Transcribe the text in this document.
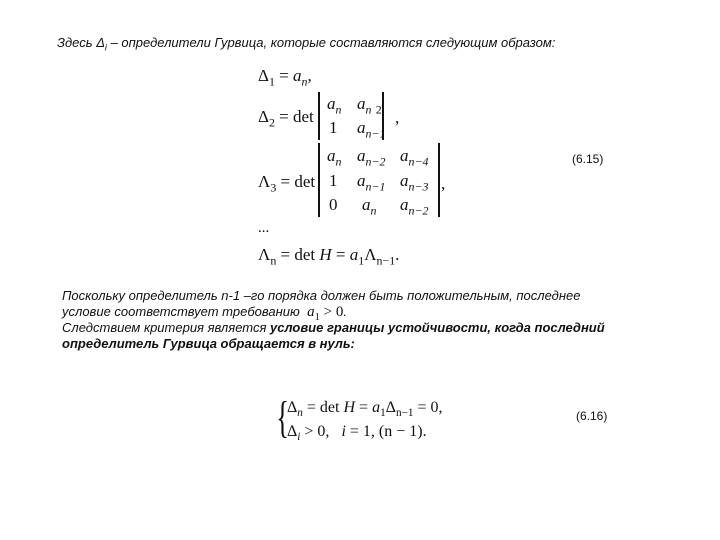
Здесь $\Delta_i$ – определители Гурвица, которые составляются следующим образом:
$\Delta_1 = a_n$,
$\Delta_2 = \det$
$a_n$ $a_n$ $_2$
1 $a_{n-1}$
,
$\Lambda_3 = \det$
$a_n$ $a_{n-2}$ $a_{n-4}$
1 $a_{n-1}$ $a_{n-3}$
0 $a_n$ $a_{n-2}$
,
(6.15)
...
$\Lambda_n = \det H = a_1\Lambda_{n-1}$.
Поскольку определитель n-1 –го порядка должен быть положительным, последнее
условие соответствует требованию $a_1 > 0$.
Следствием критерия является условие границы устойчивости, когда последний
определитель Гурвица обращается в нуль:
{
$\Delta_n = \det H = a_1\Delta_{n-1} = 0$,
$\Delta_i > 0$, i = 1, (n − 1).
(6.16)
